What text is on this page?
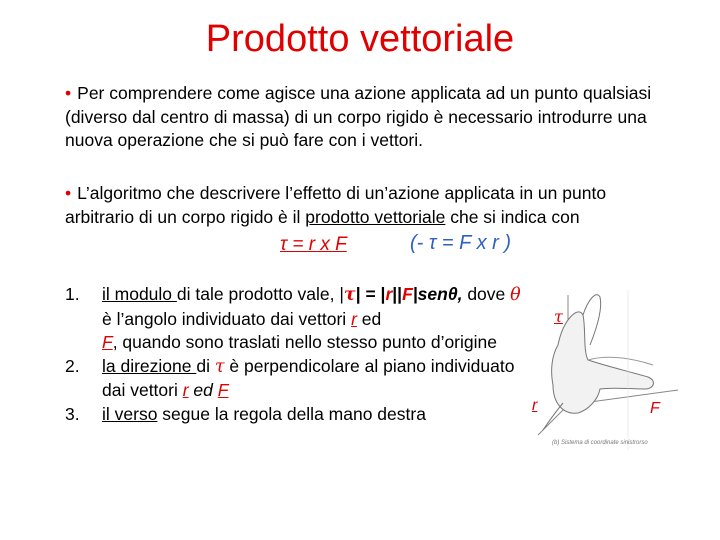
Prodotto vettoriale
• Per comprendere come agisce una azione applicata ad un punto qualsiasi (diverso dal centro di massa) di un corpo rigido è necessario introdurre una nuova operazione che si può fare con i vettori.
• L’algoritmo che descrivere l’effetto di un’azione applicata in un punto arbitrario di un corpo rigido è il prodotto vettoriale che si indica con
τ = r x F	(- τ = F x r )
1. il modulo di tale prodotto vale, |τ| = |r||F|senθ, dove θ è l’angolo individuato dai vettori r ed
F, quando sono traslati nello stesso punto d’origine
2. la direzione di τ è perpendicolare al piano individuato dai vettori r ed F
3. il verso segue la regola della mano destra
τ
r	F
(b) Sistema di coordinate sinistrorso
